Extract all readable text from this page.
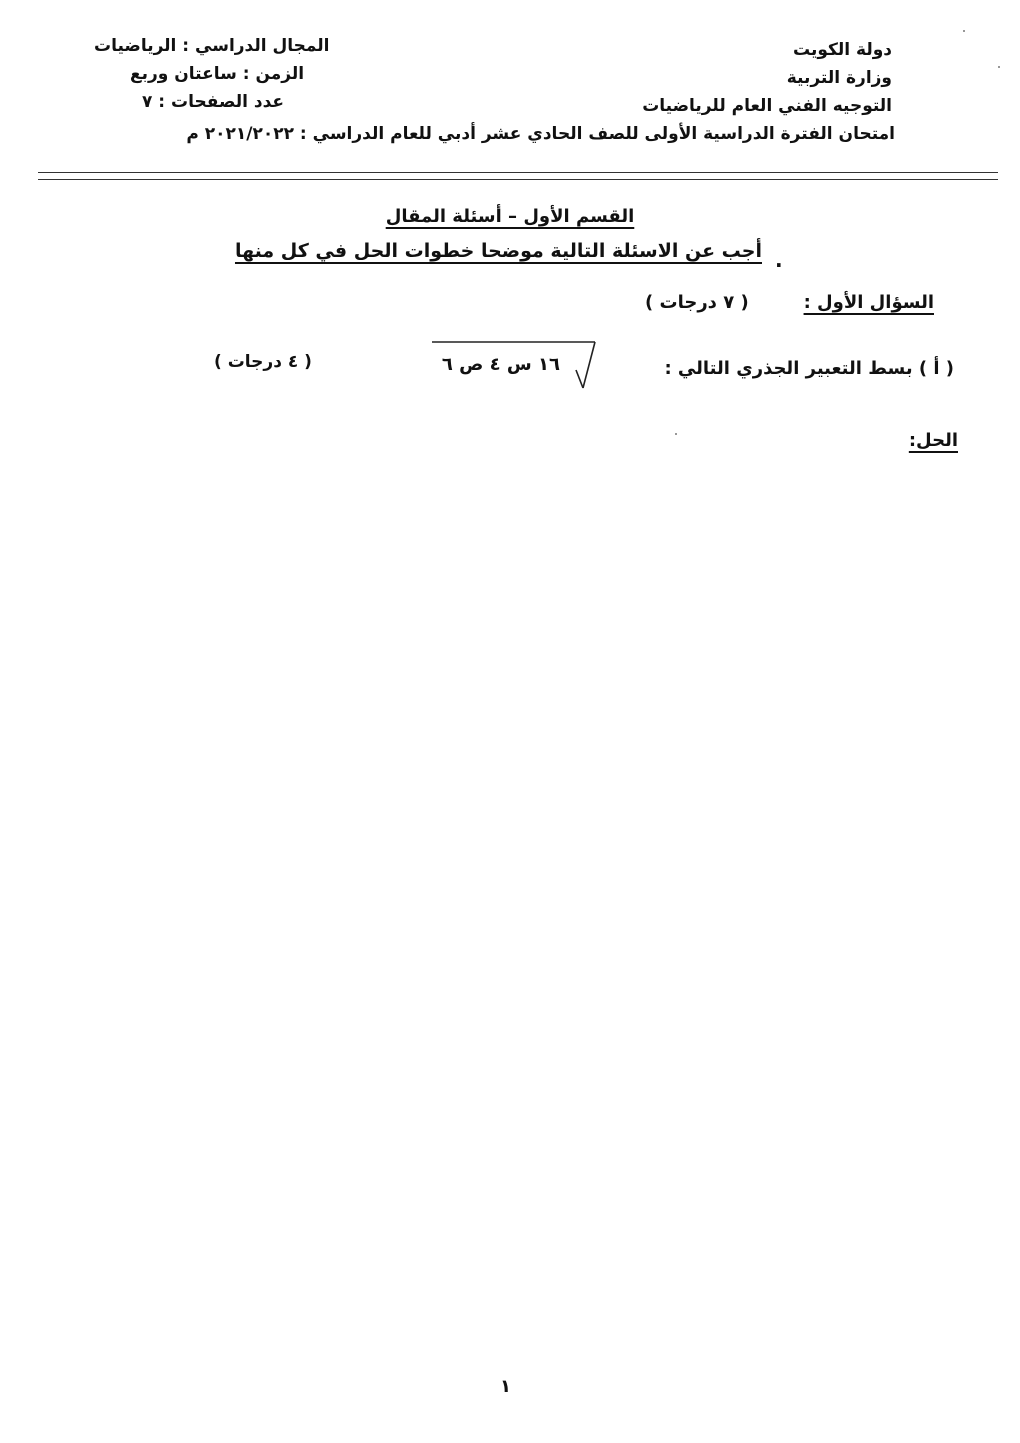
دولة الكويت
وزارة التربية
التوجيه الفني العام للرياضيات
امتحان الفترة الدراسية الأولى للصف الحادي عشر أدبي للعام الدراسي : ٢٠٢١/٢٠٢٢ م
المجال الدراسي : الرياضيات
الزمن : ساعتان وربع
عدد الصفحات : ٧
القسم الأول – أسئلة المقال
أجب عن الاسئلة التالية موضحا خطوات الحل في كل منها .
السؤال الأول :
( ٧ درجات )
( أ ) بسط التعبير الجذري التالي :
١٦ س ٤ ص ٦
( ٤ درجات )
الحل:
١
